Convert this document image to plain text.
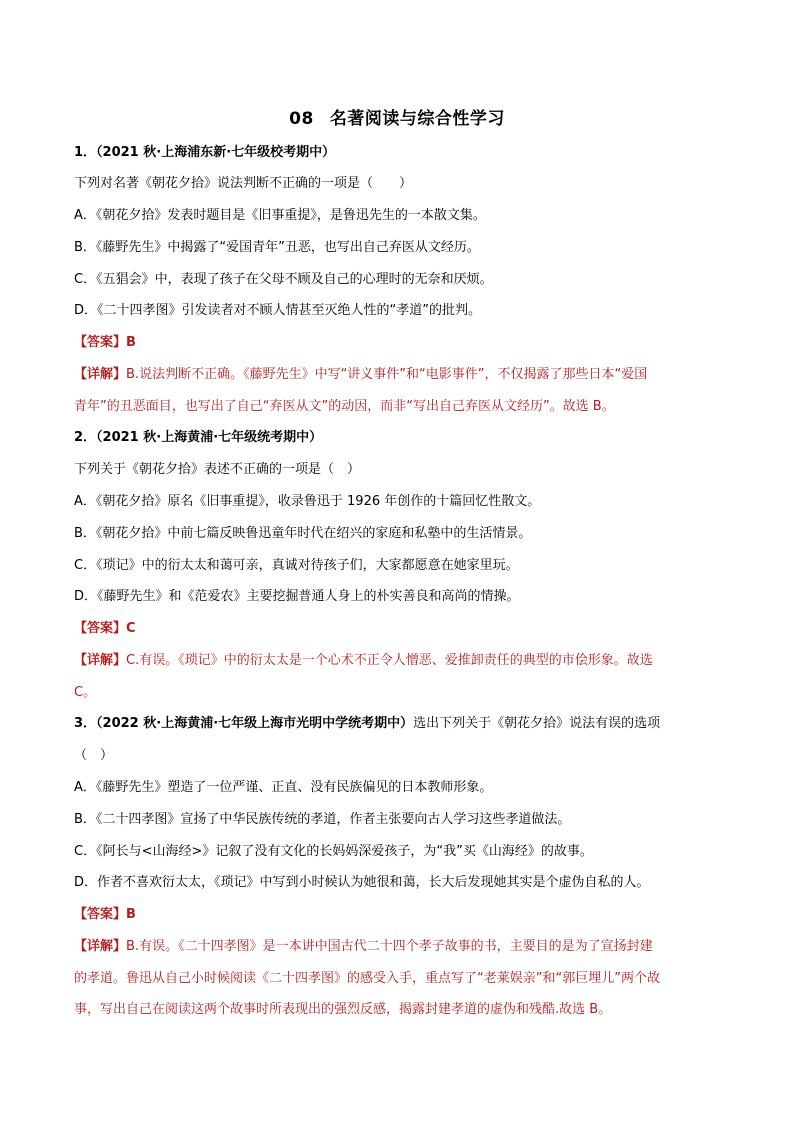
08 名著阅读与综合性学习
1．（2021 秋·上海浦东新·七年级校考期中）
下列对名著《朝花夕拾》说法判断不正确的一项是（　　）
A．《朝花夕拾》发表时题目是《旧事重提》，是鲁迅先生的一本散文集。
B．《藤野先生》中揭露了“爱国青年”丑恶，也写出自己弃医从文经历。
C．《五猖会》中，表现了孩子在父母不顾及自己的心理时的无奈和厌烦。
D．《二十四孝图》引发读者对不顾人情甚至灭绝人性的“孝道”的批判。
【答案】B
【详解】B.说法判断不正确。《藤野先生》中写“讲义事件”和“电影事件”，不仅揭露了那些日本“爱国
青年”的丑恶面目，也写出了自己“弃医从文”的动因，而非“写出自己弃医从文经历”。故选 B。
2．（2021 秋·上海黄浦·七年级统考期中）
下列关于《朝花夕拾》表述不正确的一项是（　）
A．《朝花夕拾》原名《旧事重提》，收录鲁迅于 1926 年创作的十篇回忆性散文。
B．《朝花夕拾》中前七篇反映鲁迅童年时代在绍兴的家庭和私塾中的生活情景。
C．《琐记》中的衍太太和蔼可亲，真诚对待孩子们，大家都愿意在她家里玩。
D．《藤野先生》和《范爱农》主要挖掘普通人身上的朴实善良和高尚的情操。
【答案】C
【详解】C.有误。《琐记》中的衍太太是一个心术不正令人憎恶、爱推卸责任的典型的市侩形象。故选
C。
3．（2022 秋·上海黄浦·七年级上海市光明中学统考期中）选出下列关于《朝花夕拾》说法有误的选项
（　）
A．《藤野先生》塑造了一位严谨、正直、没有民族偏见的日本教师形象。
B．《二十四孝图》宣扬了中华民族传统的孝道，作者主张要向古人学习这些孝道做法。
C．《阿长与<山海经>》记叙了没有文化的长妈妈深爱孩子，为“我”买《山海经》的故事。
D．作者不喜欢衍太太，《琐记》中写到小时候认为她很和蔼，长大后发现她其实是个虚伪自私的人。
【答案】B
【详解】B.有误。《二十四孝图》是一本讲中国古代二十四个孝子故事的书，主要目的是为了宣扬封建
的孝道。鲁迅从自己小时候阅读《二十四孝图》的感受入手，重点写了“老莱娱亲”和“郭巨埋儿”两个故
事，写出自己在阅读这两个故事时所表现出的强烈反感，揭露封建孝道的虚伪和残酷.故选 B。
